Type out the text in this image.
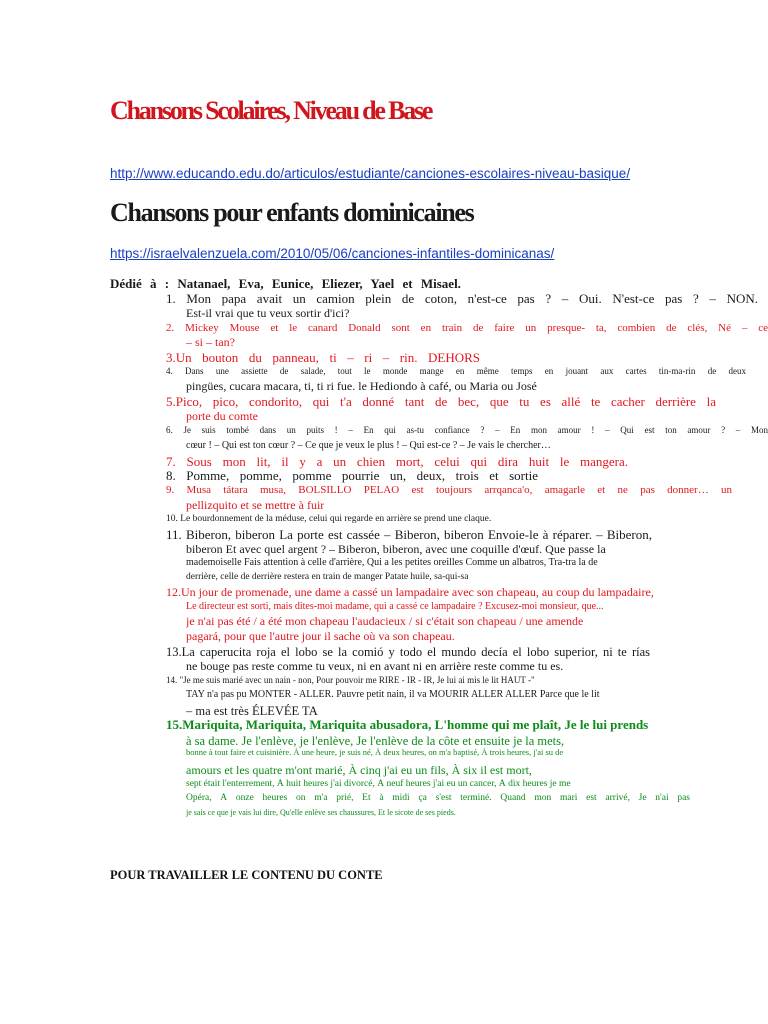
Chansons Scolaires, Niveau de Base
http://www.educando.edu.do/articulos/estudiante/canciones-escolaires-niveau-basique/
Chansons pour enfants dominicaines
https://israelvalenzuela.com/2010/05/06/canciones-infantiles-dominicanas/
Dédié à : Natanael, Eva, Eunice, Eliezer, Yael et Misael.
1. Mon papa avait un camion plein de coton, n'est-ce pas ? – Oui. N'est-ce pas ? – NON.
Est-il vrai que tu veux sortir d'ici?
2. Mickey Mouse et le canard Donald sont en train de faire un presque- ta, combien de clés, Né – ce
– si – tan?
3.Un bouton du panneau, ti – ri – rin. DEHORS
4. Dans une assiette de salade, tout le monde mange en même temps en jouant aux cartes tin-ma-rin de deux
pingües, cucara macara, ti, ti ri fue. le Hediondo à café, ou Maria ou José
5.Pico, pico, condorito, qui t'a donné tant de bec, que tu es allé te cacher derrière la
porte du comte
6. Je suis tombé dans un puits ! – En qui as-tu confiance ? – En mon amour ! – Qui est ton amour ? – Mon
cœur ! – Qui est ton cœur ? – Ce que je veux le plus ! – Qui est-ce ? – Je vais le chercher…
7. Sous mon lit, il y a un chien mort, celui qui dira huit le mangera.
8. Pomme, pomme, pomme pourrie un, deux, trois et sortie
9. Musa tátara musa, BOLSILLO PELAO est toujours arrqanca'o, amagarle et ne pas donner… un
pellizquito et se mettre à fuir
10. Le bourdonnement de la méduse, celui qui regarde en arrière se prend une claque.
11. Biberon, biberon La porte est cassée – Biberon, biberon Envoie-le à réparer. – Biberon,
biberon Et avec quel argent ? – Biberon, biberon, avec une coquille d'œuf. Que passe la
mademoiselle Fais attention à celle d'arrière, Qui a les petites oreilles Comme un albatros, Tra-tra la de
derrière, celle de derrière restera en train de manger Patate huile, sa-qui-sa
12.Un jour de promenade, une dame a cassé un lampadaire avec son chapeau, au coup du lampadaire,
Le directeur est sorti, mais dites-moi madame, qui a cassé ce lampadaire ? Excusez-moi monsieur, que...
je n'ai pas été / a été mon chapeau l'audacieux / si c'était son chapeau / une amende
pagará, pour que l'autre jour il sache où va son chapeau.
13.La caperucita roja el lobo se la comió y todo el mundo decía el lobo superior, ni te rías
ne bouge pas reste comme tu veux, ni en avant ni en arrière reste comme tu es.
14. "Je me suis marié avec un nain - non, Pour pouvoir me RIRE - IR - IR, Je lui ai mis le lit HAUT -"
TAY n'a pas pu MONTER - ALLER. Pauvre petit nain, il va MOURIR ALLER ALLER Parce que le lit
– ma est très ÉLEVÉE TA
15.Mariquita, Mariquita, Mariquita abusadora, L'homme qui me plaît, Je le lui prends
à sa dame. Je l'enlève, je l'enlève, Je l'enlève de la côte et ensuite je la mets,
bonne à tout faire et cuisinière. À une heure, je suis né, À deux heures, on m'a baptisé, À trois heures, j'ai su de
amours et les quatre m'ont marié, À cinq j'ai eu un fils, À six il est mort,
sept était l'enterrement, À huit heures j'ai divorcé, À neuf heures j'ai eu un cancer, À dix heures je me
Opéra, À onze heures on m'a prié, Et à midi ça s'est terminé. Quand mon mari est arrivé, Je n'ai pas
je sais ce que je vais lui dire, Qu'elle enlève ses chaussures, Et le sicote de ses pieds.
POUR TRAVAILLER LE CONTENU DU CONTE
